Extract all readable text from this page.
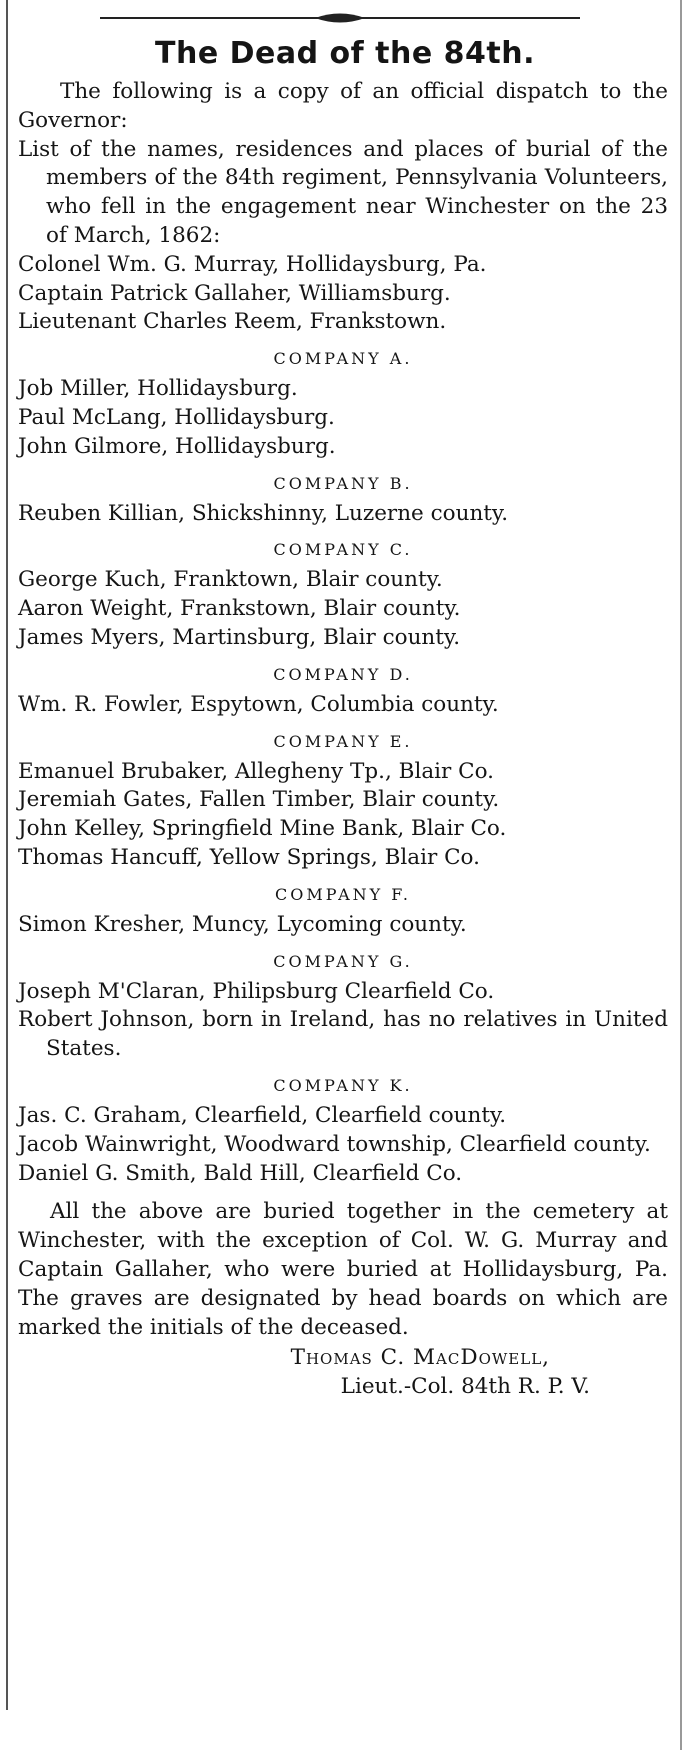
The Dead of the 84th.

The following is a copy of an official dispatch to the Governor:

List of the names, residences and places of burial of the members of the 84th regiment, Pennsylvania Volunteers, who fell in the engagement near Winchester on the 23 of March, 1862:

Colonel Wm. G. Murray, Hollidaysburg, Pa.
Captain Patrick Gallaher, Williamsburg.
Lieutenant Charles Reem, Frankstown.
COMPANY A.
Job Miller, Hollidaysburg.
Paul McLang, Hollidaysburg.
John Gilmore, Hollidaysburg.
COMPANY B.
Reuben Killian, Shickshinny, Luzerne county.
COMPANY C.
George Kuch, Franktown, Blair county.
Aaron Weight, Frankstown, Blair county.
James Myers, Martinsburg, Blair county.
COMPANY D.
Wm. R. Fowler, Espytown, Columbia county.
COMPANY E.
Emanuel Brubaker, Allegheny Tp., Blair Co.
Jeremiah Gates, Fallen Timber, Blair county.
John Kelley, Springfield Mine Bank, Blair Co.
Thomas Hancuff, Yellow Springs, Blair Co.
COMPANY F.
Simon Kresher, Muncy, Lycoming county.
COMPANY G.
Joseph M'Claran, Philipsburg Clearfield Co.
Robert Johnson, born in Ireland, has no relatives in United States.
COMPANY K.
Jas. C. Graham, Clearfield, Clearfield county.
Jacob Wainwright, Woodward township, Clearfield county.
Daniel G. Smith, Bald Hill, Clearfield Co.

All the above are buried together in the cemetery at Winchester, with the exception of Col. W. G. Murray and Captain Gallaher, who were buried at Hollidaysburg, Pa. The graves are designated by head boards on which are marked the initials of the deceased.

Thomas C. MacDowell,
Lieut.-Col. 84th R. P. V.
